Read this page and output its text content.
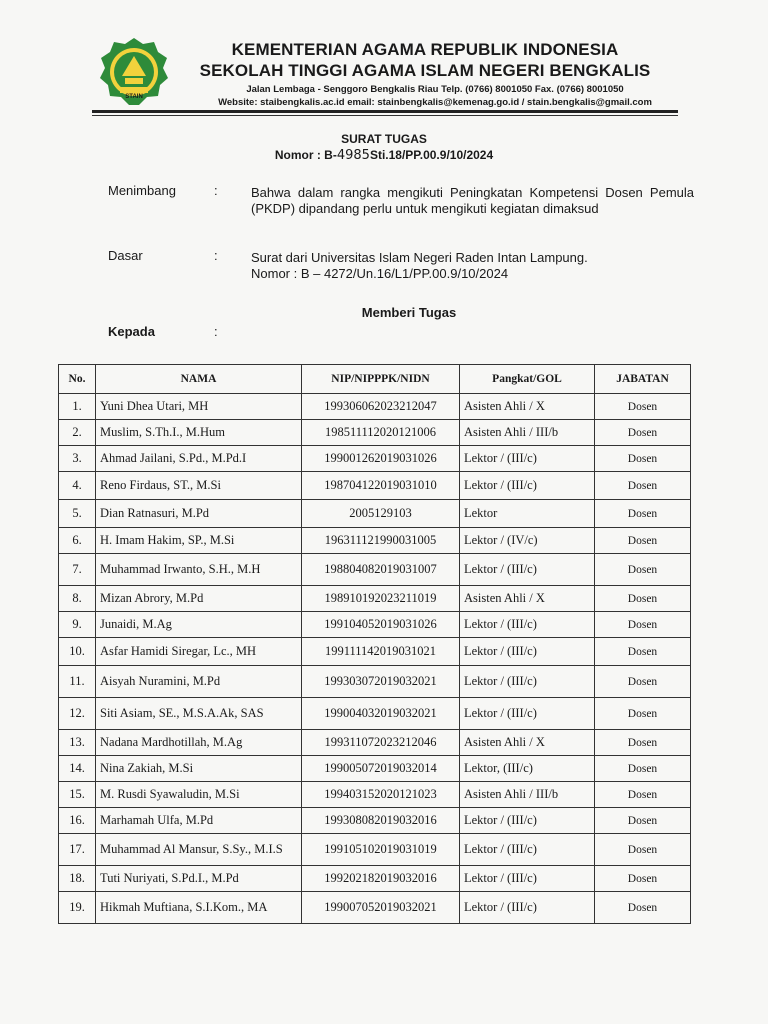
STAIN
KEMENTERIAN AGAMA REPUBLIK INDONESIA
SEKOLAH TINGGI AGAMA ISLAM NEGERI BENGKALIS
Jalan Lembaga - Senggoro Bengkalis Riau Telp. (0766) 8001050 Fax. (0766) 8001050
Website: staibengkalis.ac.id email: stainbengkalis@kemenag.go.id / stain.bengkalis@gmail.com
SURAT TUGAS
Nomor : B-4985Sti.18/PP.00.9/10/2024
Menimbang	:	Bahwa dalam rangka mengikuti Peningkatan Kompetensi Dosen Pemula (PKDP) dipandang perlu untuk mengikuti kegiatan dimaksud
Dasar	:	Surat dari Universitas Islam Negeri Raden Intan Lampung.
Nomor : B – 4272/Un.16/L1/PP.00.9/10/2024
Memberi Tugas
Kepada	:
No.	NAMA	NIP/NIPPPK/NIDN	Pangkat/GOL	JABATAN
1.	Yuni Dhea Utari, MH	199306062023212047	Asisten Ahli / X	Dosen
2.	Muslim, S.Th.I., M.Hum	198511112020121006	Asisten Ahli / III/b	Dosen
3.	Ahmad Jailani, S.Pd., M.Pd.I	199001262019031026	Lektor / (III/c)	Dosen
4.	Reno Firdaus, ST., M.Si	198704122019031010	Lektor / (III/c)	Dosen
5.	Dian Ratnasuri, M.Pd	2005129103	Lektor	Dosen
6.	H. Imam Hakim, SP., M.Si	196311121990031005	Lektor / (IV/c)	Dosen
7.	Muhammad Irwanto, S.H., M.H	198804082019031007	Lektor / (III/c)	Dosen
8.	Mizan Abrory, M.Pd	198910192023211019	Asisten Ahli / X	Dosen
9.	Junaidi, M.Ag	199104052019031026	Lektor / (III/c)	Dosen
10.	Asfar Hamidi Siregar, Lc., MH	199111142019031021	Lektor / (III/c)	Dosen
11.	Aisyah Nuramini, M.Pd	199303072019032021	Lektor / (III/c)	Dosen
12.	Siti Asiam, SE., M.S.A.Ak, SAS	199004032019032021	Lektor / (III/c)	Dosen
13.	Nadana Mardhotillah, M.Ag	199311072023212046	Asisten Ahli / X	Dosen
14.	Nina Zakiah, M.Si	199005072019032014	Lektor, (III/c)	Dosen
15.	M. Rusdi Syawaludin, M.Si	199403152020121023	Asisten Ahli / III/b	Dosen
16.	Marhamah Ulfa, M.Pd	199308082019032016	Lektor / (III/c)	Dosen
17.	Muhammad Al Mansur, S.Sy., M.I.S	199105102019031019	Lektor / (III/c)	Dosen
18.	Tuti Nuriyati, S.Pd.I., M.Pd	199202182019032016	Lektor / (III/c)	Dosen
19.	Hikmah Muftiana, S.I.Kom., MA	199007052019032021	Lektor / (III/c)	Dosen
